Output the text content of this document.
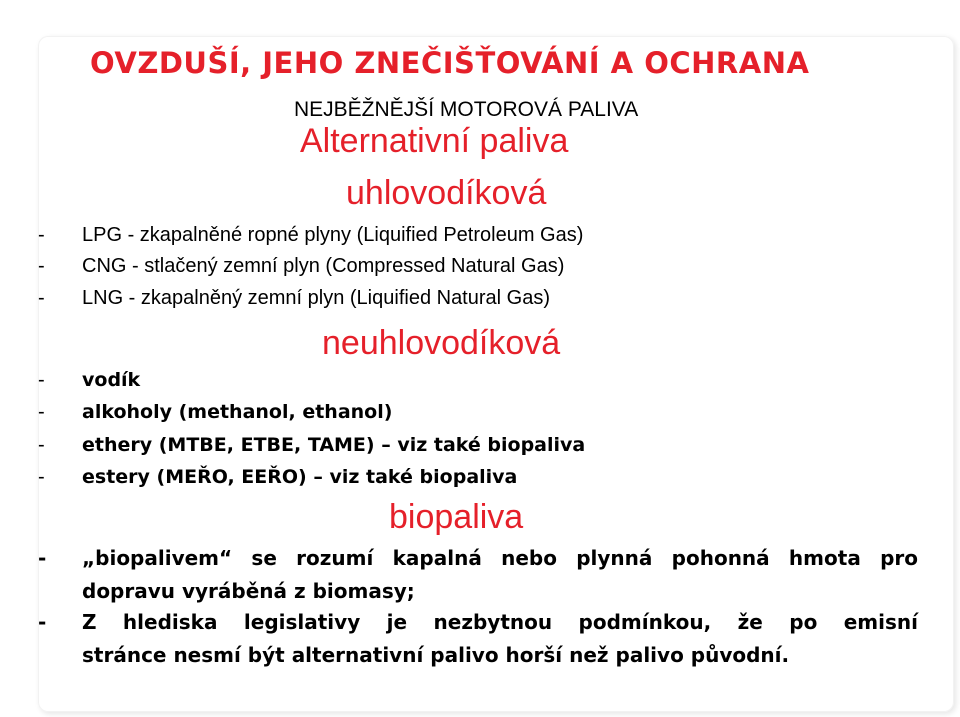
OVZDUŠÍ, JEHO ZNEČIŠŤOVÁNÍ A OCHRANA
NEJBĚŽNĚJŠÍ MOTOROVÁ PALIVA
Alternativní paliva
uhlovodíková
- LPG - zkapalněné ropné plyny (Liquified Petroleum Gas)
- CNG - stlačený zemní plyn (Compressed Natural Gas)
- LNG - zkapalněný zemní plyn (Liquified Natural Gas)
neuhlovodíková
- vodík
- alkoholy (methanol, ethanol)
- ethery (MTBE, ETBE, TAME) – viz také biopaliva
- estery (MEŘO, EEŘO) – viz také biopaliva
biopaliva
- „biopalivem“ se rozumí kapalná nebo plynná pohonná hmota pro
dopravu vyráběná z biomasy;
- Z hlediska legislativy je nezbytnou podmínkou, že po emisní
stránce nesmí být alternativní palivo horší než palivo původní.
